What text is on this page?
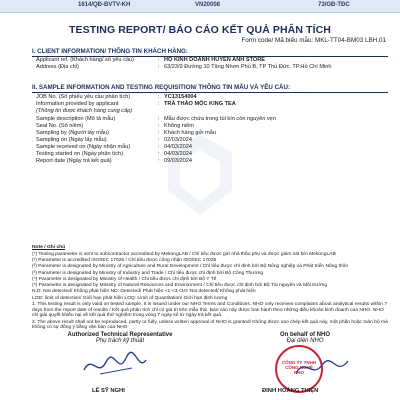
1614/QĐ-BVTV-KH	VN20008	73/GĐ-TĐC
TESTING REPORT/ BÁO CÁO KẾT QUẢ PHÂN TÍCH
Form code/ Mã biểu mẫu: MKL-TT04-BM03 LBH.01
I. CLIENT INFORMATION/ THÔNG TIN KHÁCH HÀNG:
Applicant ref. (Khách hàng/ số yêu cầu)	: HỘ KINH DOANH HUYỀN ANH STORE
Address (Địa chỉ)	: 63/23/9 Đường 10 Tăng Nhơn Phú B, TP Thủ Đức. TP.Hồ Chí Minh
II. SAMPLE INFORMATION AND TESTING REQUISITION/ THÔNG TIN MẪU VÀ YÊU CẦU:
JOB No. (Số phiếu yêu cầu phân tích)	: YC13154004
Information provided by applicant	: TRÀ THẢO MỘC KING TEA
(Thông tin được khách hàng cung cấp)
Sample description (Mô tả mẫu)	: Mẫu được chứa trong túi kín còn nguyên vẹn
Seal No. (Số niêm)	: Không niêm
Sampling by (Người lấy mẫu)	: Khách hàng gửi mẫu
Sampling on (Ngày lấy mẫu)	: 02/03/2024
Sample received on (Ngày nhận mẫu)	: 04/03/2024
Testing started on (Ngày phân tích)	: 04/03/2024
Report date (Ngày trả kết quả)	: 09/03/2024
Note / Ghi chú

(*) Testing parameter is sent to subcontractor accredited by MekongLAB / Chỉ tiêu được gửi nhà thầu phụ và được giám sát bởi MekongLAB

(¹) Parameter is accredited ISO/IEC 17025 / Chỉ tiêu được công nhận ISO/IEC 17025

(²) Parameter is designated by Ministry of Agriculture and Rural Development / Chỉ tiêu được chỉ định bởi Bộ Nông nghiệp và Phát triển Nông thôn

(³) Parameter is designated by Ministry of Industry and Trade / Chỉ tiêu được chỉ định bởi Bộ Công Thương

(⁴) Parameter is designated by Ministry of Health / Chỉ tiêu được chỉ định bởi Bộ Y Tế

(⁵) Parameter is designated by Ministry of Natural Resources and Environment / Chỉ tiêu được chỉ định bởi Bộ Tài nguyên và Môi trường

N.D: Not detected/ Không phát hiện ND: Detected/ Phát hiện <1;<3;<10: Not detected/ Không phát hiện

LOD: limit of detection/ Giới hạn phát hiện LOQ: Limit of Quantitation/ Giới hạn định lượng

1. This testing result is only valid on tested sample. It is issued under our NHO Terms and Conditions. NHO only receives complaints about analytical results within 7 days from the report date of results / Kết quả phân tích chỉ có giá trị trên mẫu thử. Báo cáo này được ban hành theo những điều khoản kinh doanh của NHO. NHO chỉ giải quyết khiếu nại về kết quả thử nghiệm trong vòng 7 ngày kể từ ngày trả kết quả.

2. The above result shall not be reproduced, partly or fully, unless written approval of NHO is granted/ Không được sao chép kết quả này, một phần hoặc toàn bộ mà không có sự đồng ý bằng văn bản của NHO

Authorized Technical Representative
Phụ trách kỹ thuật
LÊ SỸ NGHI
On behalf of NHO
Đại diện NHO
CÔNG TY TNHH CÔNG NGHỆ NHO
ĐINH HOÀNG THIỆN
